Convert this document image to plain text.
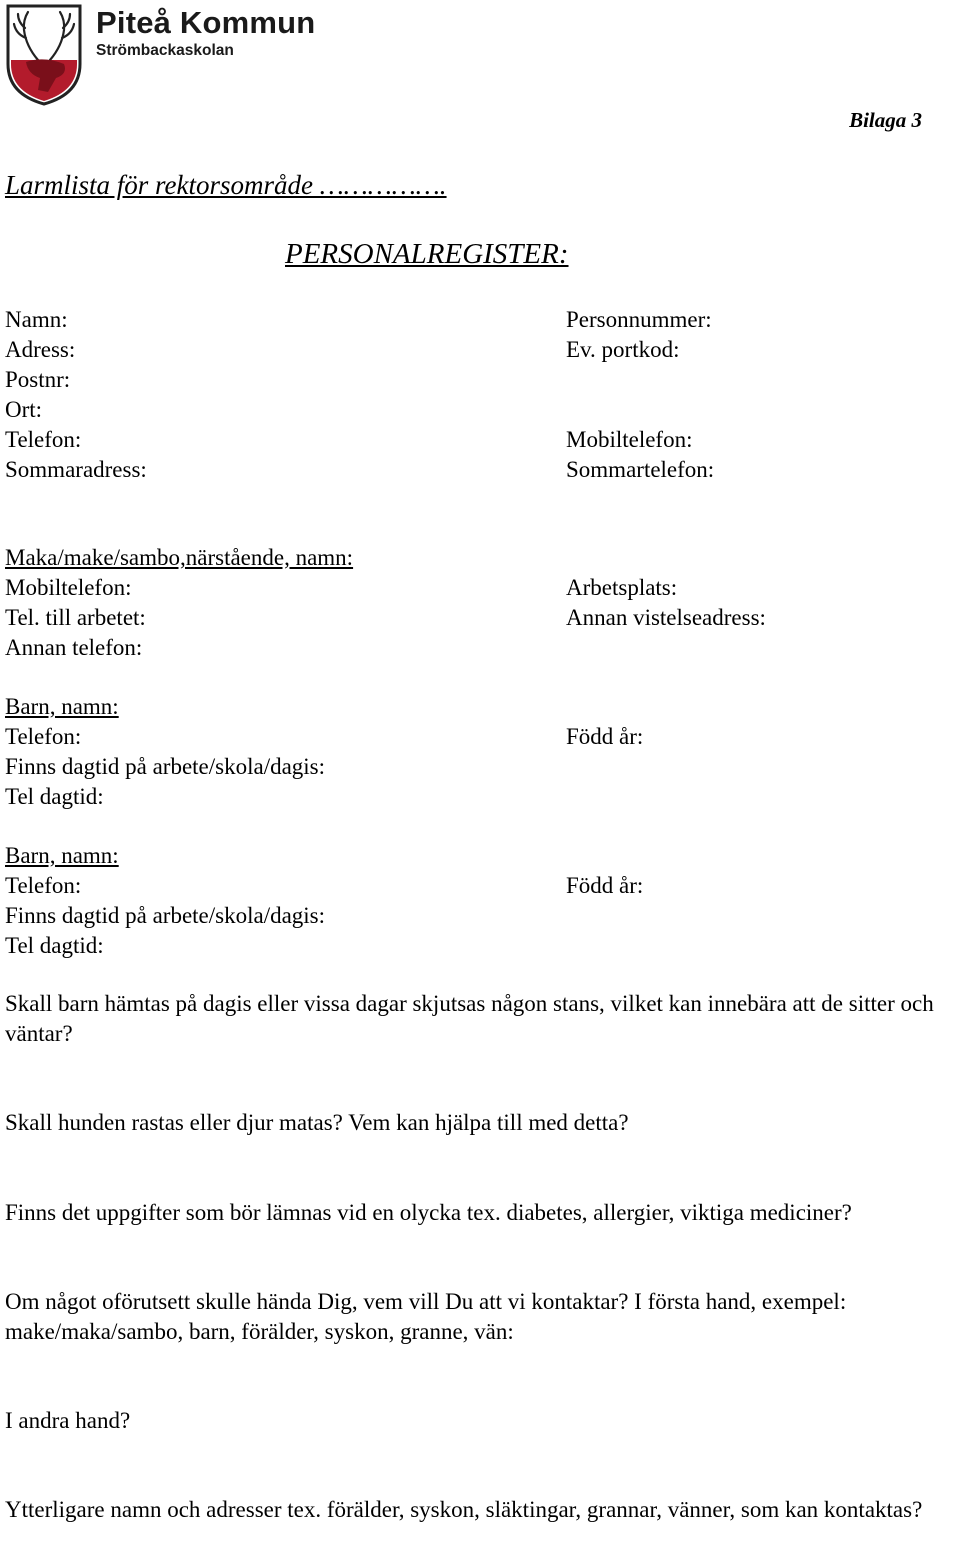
Piteå Kommun
Strömbackaskolan
Bilaga 3
Larmlista för rektorsområde …………….
PERSONALREGISTER:
Namn:
Adress:
Postnr:
Ort:
Telefon:
Sommaradress:
Personnummer:
Ev. portkod:
Mobiltelefon:
Sommartelefon:
Maka/make/sambo,närstående, namn:
Mobiltelefon:
Tel. till arbetet:
Annan telefon:
Arbetsplats:
Annan vistelseadress:
Barn, namn:
Telefon:
Finns dagtid på arbete/skola/dagis:
Tel dagtid:
Född år:
Barn, namn:
Telefon:
Finns dagtid på arbete/skola/dagis:
Tel dagtid:
Född år:
Skall barn hämtas på dagis eller vissa dagar skjutsas någon stans, vilket kan innebära att de sitter och väntar?
Skall hunden rastas eller djur matas? Vem kan hjälpa till med detta?
Finns det uppgifter som bör lämnas vid en olycka tex. diabetes, allergier, viktiga mediciner?
Om något oförutsett skulle hända Dig, vem vill Du att vi kontaktar? I första hand, exempel: make/maka/sambo, barn, förälder, syskon, granne, vän:
I andra hand?
Ytterligare namn och adresser tex. förälder, syskon, släktingar, grannar, vänner, som kan kontaktas?
